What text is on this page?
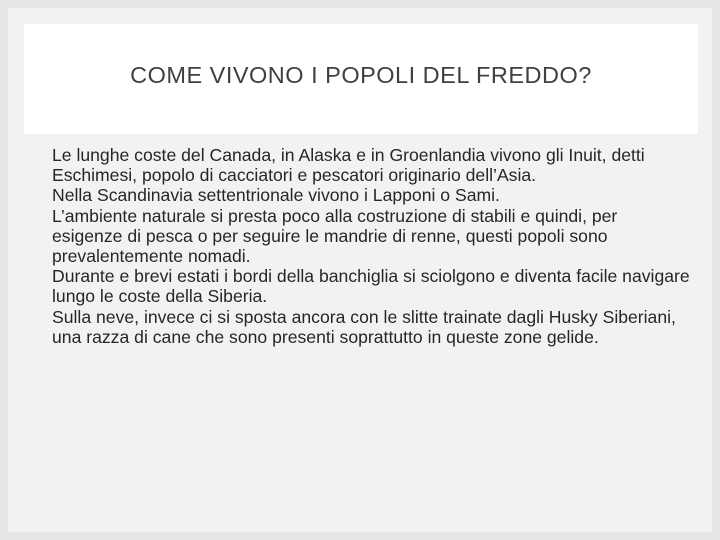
COME VIVONO I POPOLI DEL FREDDO?

Le lunghe coste del Canada, in Alaska e in Groenlandia vivono gli Inuit, detti Eschimesi, popolo di cacciatori e pescatori originario dell’Asia.

Nella Scandinavia settentrionale vivono i Lapponi o Sami.

L’ambiente naturale si presta poco alla costruzione di stabili e quindi, per esigenze di pesca o per seguire le mandrie di renne, questi popoli sono prevalentemente nomadi.

Durante e brevi estati i bordi della banchiglia si sciolgono e diventa facile navigare lungo le coste della Siberia.

Sulla neve, invece ci si sposta ancora con le slitte trainate dagli Husky Siberiani, una razza di cane che sono presenti soprattutto in queste zone gelide.
